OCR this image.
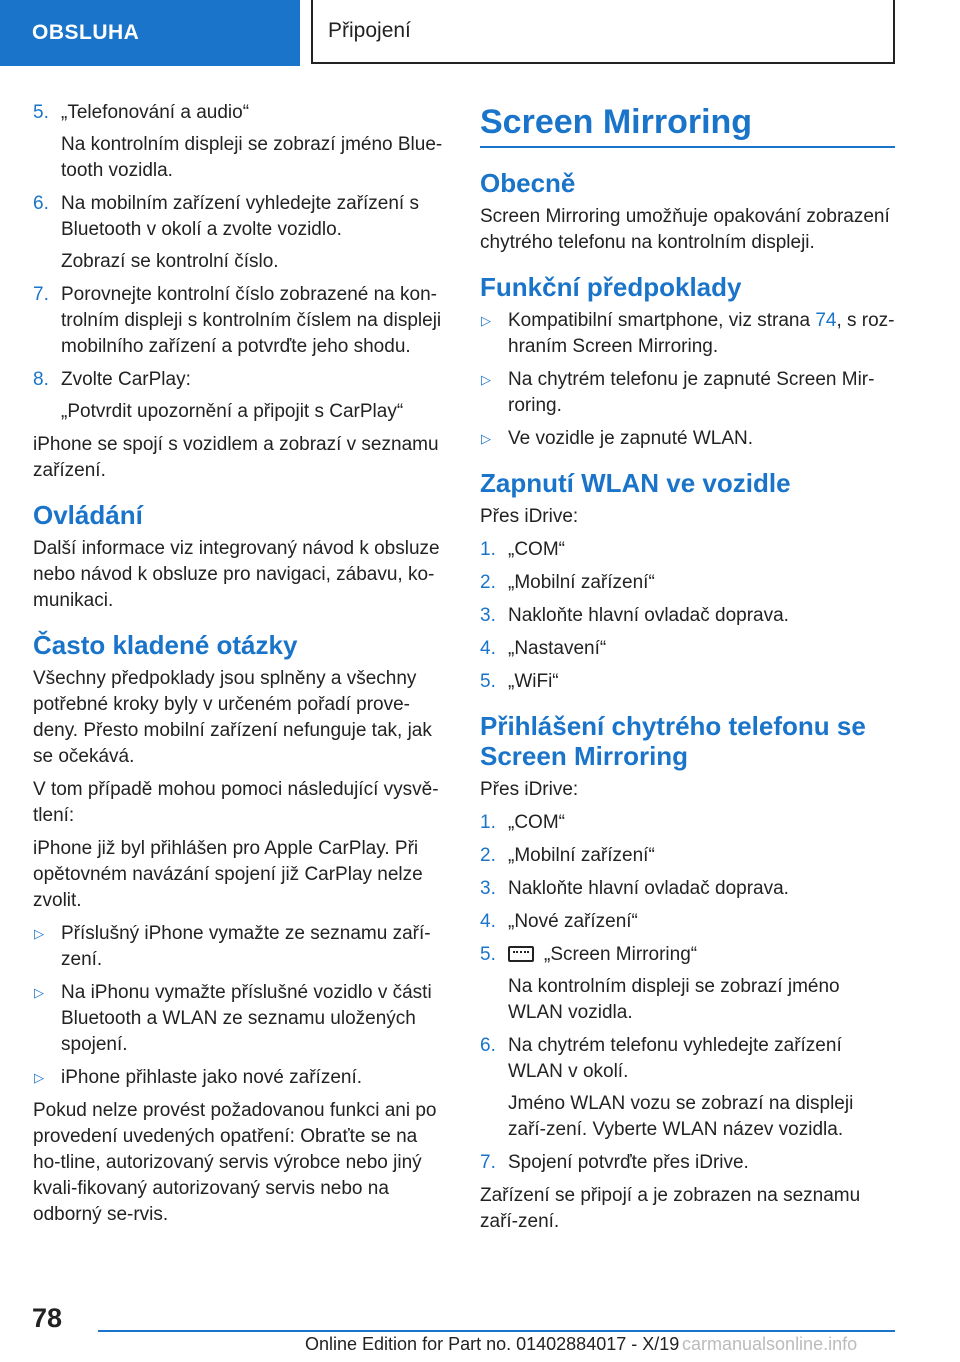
OBSLUHA	Připojení
5. „Telefonování a audio“

Na kontrolním displeji se zobrazí jméno Blue-tooth vozidla.

6. Na mobilním zařízení vyhledejte zařízení s Bluetooth v okolí a zvolte vozidlo.

Zobrazí se kontrolní číslo.

7. Porovnejte kontrolní číslo zobrazené na kon-trolním displeji s kontrolním číslem na displeji mobilního zařízení a potvrďte jeho shodu.

8. Zvolte CarPlay:

„Potvrdit upozornění a připojit s CarPlay“

iPhone se spojí s vozidlem a zobrazí v seznamu zařízení.

Ovládání

Další informace viz integrovaný návod k obsluze nebo návod k obsluze pro navigaci, zábavu, ko-munikaci.

Často kladené otázky

Všechny předpoklady jsou splněny a všechny potřebné kroky byly v určeném pořadí prove-deny. Přesto mobilní zařízení nefunguje tak, jak se očekává.

V tom případě mohou pomoci následující vysvě-tlení:

iPhone již byl přihlášen pro Apple CarPlay. Při opětovném navázání spojení již CarPlay nelze zvolit.

▷ Příslušný iPhone vymažte ze seznamu zaří-zení.

▷ Na iPhonu vymažte příslušné vozidlo v části Bluetooth a WLAN ze seznamu uložených spojení.

▷ iPhone přihlaste jako nové zařízení.

Pokud nelze provést požadovanou funkci ani po provedení uvedených opatření: Obraťte se na ho-tline, autorizovaný servis výrobce nebo jiný kvali-fikovaný autorizovaný servis nebo na odborný se-rvis.

Screen Mirroring
Obecně

Screen Mirroring umožňuje opakování zobrazení chytrého telefonu na kontrolním displeji.

Funkční předpoklady
▷ Kompatibilní smartphone, viz strana 74, s roz-hraním Screen Mirroring.

▷ Na chytrém telefonu je zapnuté Screen Mir-roring.

▷ Ve vozidle je zapnuté WLAN.

Zapnutí WLAN ve vozidle

Přes iDrive:

1. „COM“

2. „Mobilní zařízení“

3. Nakloňte hlavní ovladač doprava.

4. „Nastavení“

5. „WiFi“

Přihlášení chytrého telefonu se Screen Mirroring

Přes iDrive:

1. „COM“

2. „Mobilní zařízení“

3. Nakloňte hlavní ovladač doprava.

4. „Nové zařízení“

5.	„Screen Mirroring“

Na kontrolním displeji se zobrazí jméno WLAN vozidla.

6. Na chytrém telefonu vyhledejte zařízení WLAN v okolí.

Jméno WLAN vozu se zobrazí na displeji zaří-zení. Vyberte WLAN název vozidla.

7. Spojení potvrďte přes iDrive.

Zařízení se připojí a je zobrazen na seznamu zaří-zení.

78
Online Edition for Part no. 01402884017 - X/19 carmanualsonline.info
